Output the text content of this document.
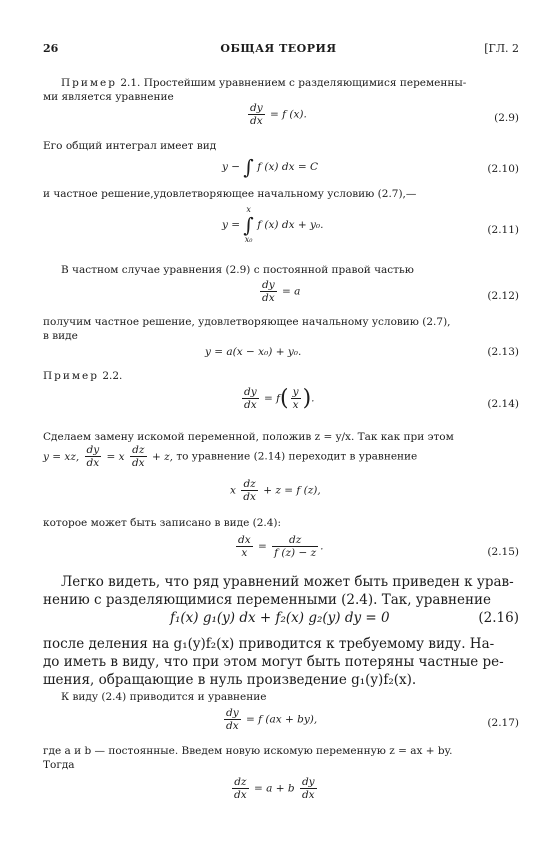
26	ОБЩАЯ ТЕОРИЯ	[ГЛ. 2
Пример 2.1. Простейшим уравнением с разделяющимися переменны-
ми является уравнение
$\frac{dy}{dx} = f$ (x).	(2.9)
Его общий интеграл имеет вид
y − ∫ f (x) dx = C	(2.10)
и частное решение,удовлетворяющее начальному условию (2.7),—
y =
x
∫
x₀
f (x) dx + y₀.	(2.11)
В частном случае уравнения (2.9) с постоянной правой частью
$\frac{dy}{dx} = a$	(2.12)
получим частное решение, удовлетворяющее начальному условию (2.7),
в виде
y = a(x − x₀) + y₀.	(2.13)
Пример 2.2.
$\frac{dy}{dx} = f( \frac{y}{x}$ ).	(2.14)
Сделаем замену искомой переменной, положив z = y/x. Так как при этом
y = xz, $\frac{dy}{dx} = x \frac{dz}{dx} + z$, то уравнение (2.14) переходит в уравнение
x $\frac{dz}{dx} + z = f$ (z),
которое может быть записано в виде (2.4):
$\frac{dx}{x} = \frac{dz}{f (z) - z}$ .	(2.15)
Легко видеть, что ряд уравнений может быть приведен к урав-
нению с разделяющимися переменными (2.4). Так, уравнение
f₁(x) g₁(y) dx + f₂(x) g₂(y) dy = 0	(2.16)
после деления на g₁(y)f₂(x) приводится к требуемому виду. На-
до иметь в виду, что при этом могут быть потеряны частные ре-
шения, обращающие в нуль произведение g₁(y)f₂(x).
К виду (2.4) приводится и уравнение
$\frac{dy}{dx} = f$ (ax + by),	(2.17)
где a и b — постоянные. Введем новую искомую переменную z = ax + by.
Тогда
$\frac{dz}{dx} = a + b \frac{dy}{dx}$
